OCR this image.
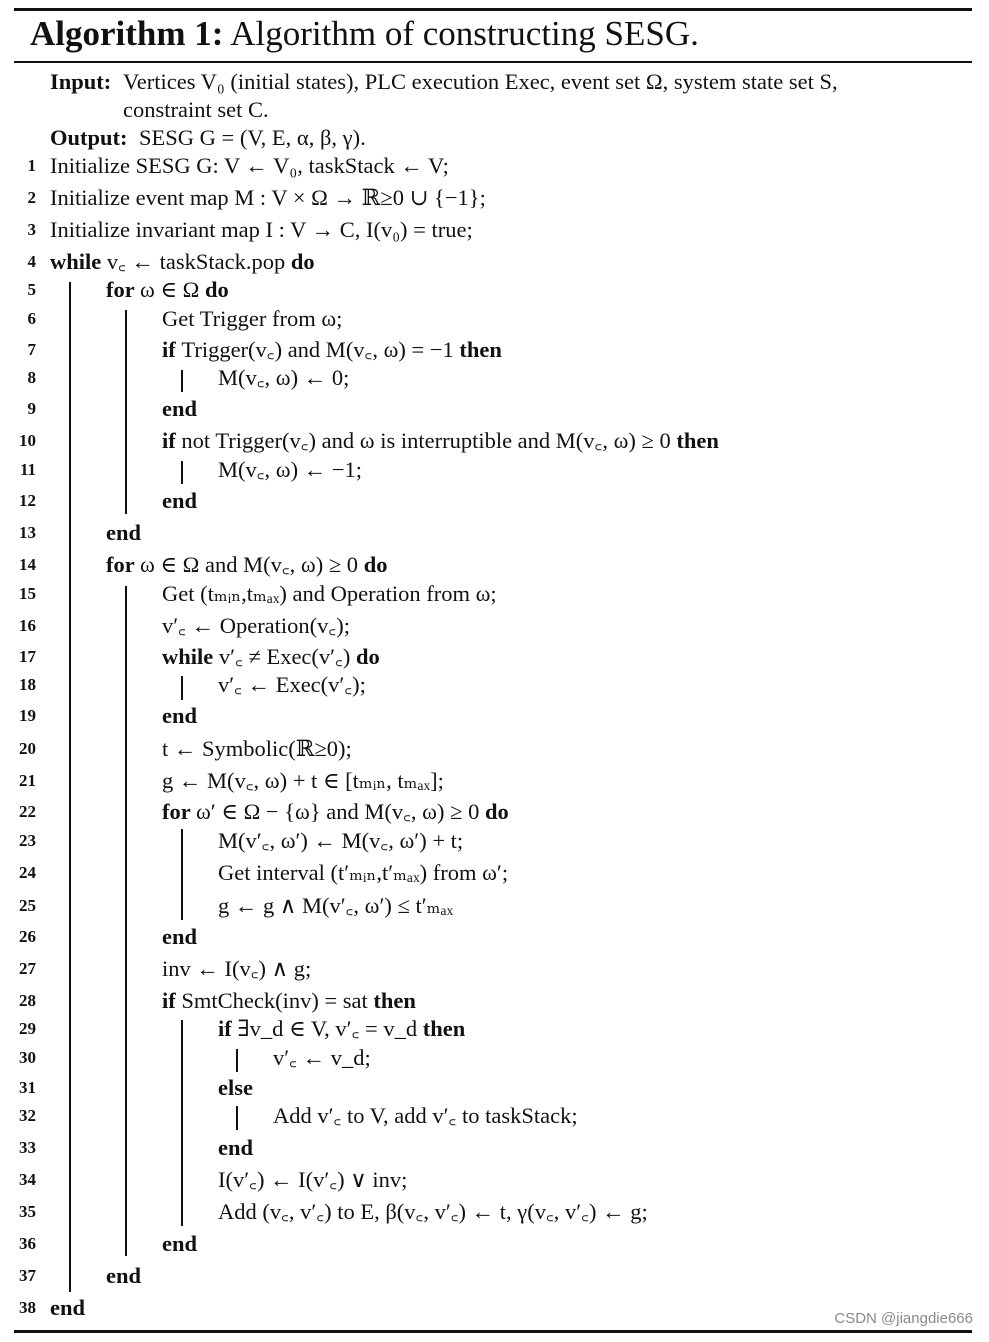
Algorithm 1: Algorithm of constructing SESG.
Input: Vertices V₀ (initial states), PLC execution Exec, event set Ω, system state set S,
constraint set C.
Output: SESG G = (V, E, α, β, γ).
1 Initialize SESG G: V ← V₀, taskStack ← V;
2 Initialize event map M : V × Ω → ℝ≥0 ∪ {−1};
3 Initialize invariant map I : V → C, I(v₀) = true;
4 while v꜀ ← taskStack.pop do
5	for ω ∈ Ω do
6	Get Trigger from ω;
7	if Trigger(v꜀) and M(v꜀, ω) = −1 then
8	M(v꜀, ω) ← 0;
9	end
10	if not Trigger(v꜀) and ω is interruptible and M(v꜀, ω) ≥ 0 then
11	M(v꜀, ω) ← −1;
12	end
13	end
14	for ω ∈ Ω and M(v꜀, ω) ≥ 0 do
15	Get (tₘᵢₙ,tₘₐₓ) and Operation from ω;
16	v′꜀ ← Operation(v꜀);
17	while v′꜀ ≠ Exec(v′꜀) do
18	v′꜀ ← Exec(v′꜀);
19	end
20	t ← Symbolic(ℝ≥0);
21	g ← M(v꜀, ω) + t ∈ [tₘᵢₙ, tₘₐₓ];
22	for ω′ ∈ Ω − {ω} and M(v꜀, ω) ≥ 0 do
23	M(v′꜀, ω′) ← M(v꜀, ω′) + t;
24	Get interval (t′ₘᵢₙ,t′ₘₐₓ) from ω′;
25	g ← g ∧ M(v′꜀, ω′) ≤ t′ₘₐₓ
26	end
27	inv ← I(v꜀) ∧ g;
28	if SmtCheck(inv) = sat then
29	if ∃v_d ∈ V, v′꜀ = v_d then
30	v′꜀ ← v_d;
31	else
32	Add v′꜀ to V, add v′꜀ to taskStack;
33	end
34	I(v′꜀) ← I(v′꜀) ∨ inv;
35	Add (v꜀, v′꜀) to E, β(v꜀, v′꜀) ← t, γ(v꜀, v′꜀) ← g;
36	end
37	end
38 end	CSDN @jiangdie666
